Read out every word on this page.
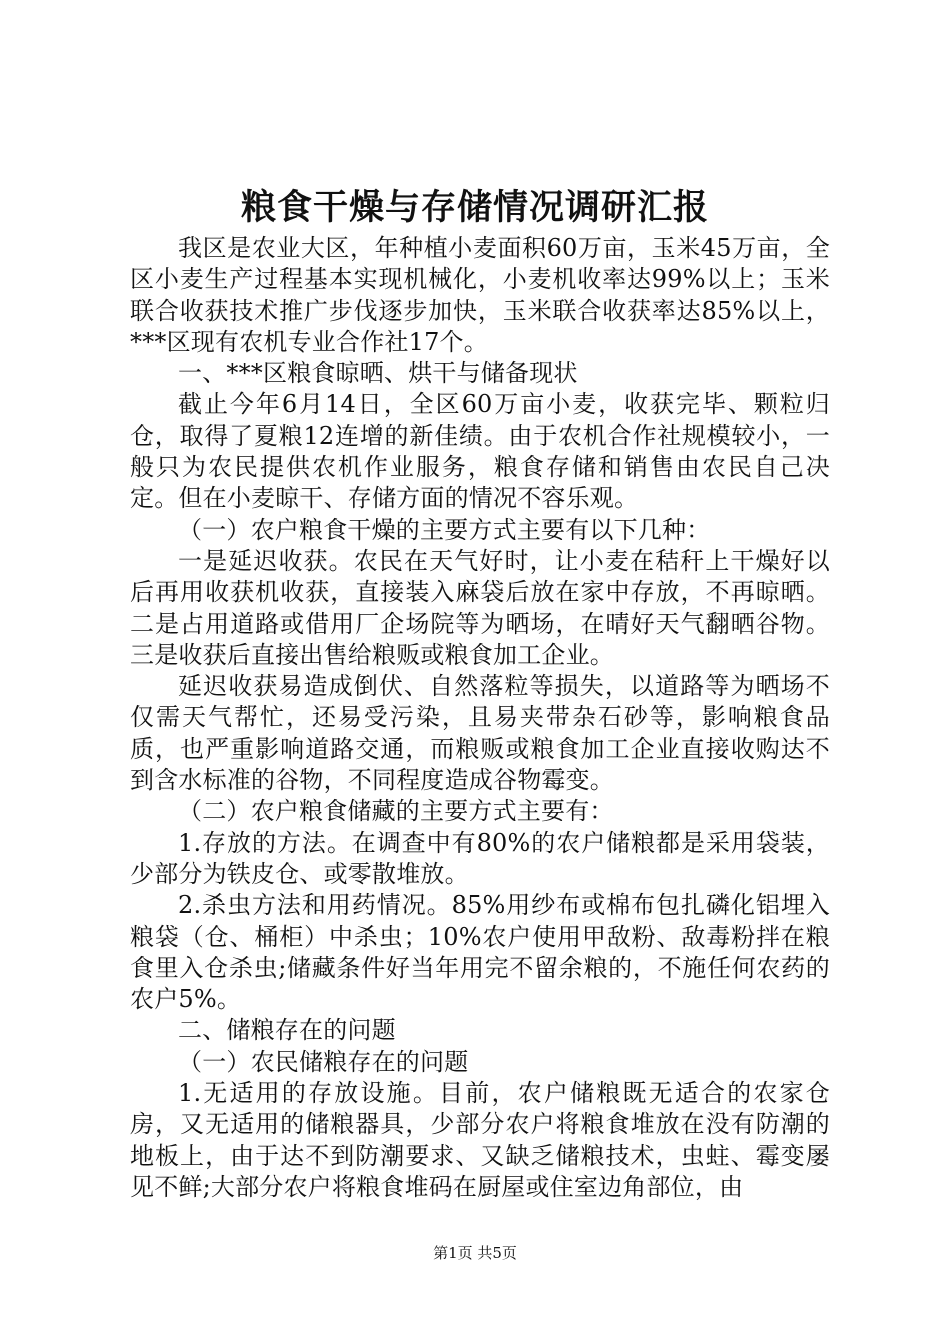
粮食干燥与存储情况调研汇报

我区是农业大区，年种植小麦面积60万亩，玉米45万亩，全区小麦生产过程基本实现机械化，小麦机收率达99%以上；玉米联合收获技术推广步伐逐步加快，玉米联合收获率达85%以上，***区现有农机专业合作社17个。

一、***区粮食晾晒、烘干与储备现状

截止今年6月14日，全区60万亩小麦，收获完毕、颗粒归仓，取得了夏粮12连增的新佳绩。由于农机合作社规模较小，一般只为农民提供农机作业服务，粮食存储和销售由农民自己决定。但在小麦晾干、存储方面的情况不容乐观。

（一）农户粮食干燥的主要方式主要有以下几种：

一是延迟收获。农民在天气好时，让小麦在秸秆上干燥好以后再用收获机收获，直接装入麻袋后放在家中存放，不再晾晒。二是占用道路或借用厂企场院等为晒场，在晴好天气翻晒谷物。三是收获后直接出售给粮贩或粮食加工企业。

延迟收获易造成倒伏、自然落粒等损失，以道路等为晒场不仅需天气帮忙，还易受污染，且易夹带杂石砂等，影响粮食品质，也严重影响道路交通，而粮贩或粮食加工企业直接收购达不到含水标准的谷物，不同程度造成谷物霉变。

（二）农户粮食储藏的主要方式主要有：

1.存放的方法。在调查中有80%的农户储粮都是采用袋装，少部分为铁皮仓、或零散堆放。

2.杀虫方法和用药情况。85%用纱布或棉布包扎磷化铝埋入粮袋（仓、桶柜）中杀虫；10%农户使用甲敌粉、敌毒粉拌在粮食里入仓杀虫;储藏条件好当年用完不留余粮的，不施任何农药的农户5%。

二、储粮存在的问题

（一）农民储粮存在的问题

1.无适用的存放设施。目前，农户储粮既无适合的农家仓房，又无适用的储粮器具，少部分农户将粮食堆放在没有防潮的地板上，由于达不到防潮要求、又缺乏储粮技术，虫蛀、霉变屡见不鲜;大部分农户将粮食堆码在厨屋或住室边角部位，由

第1页 共5页
